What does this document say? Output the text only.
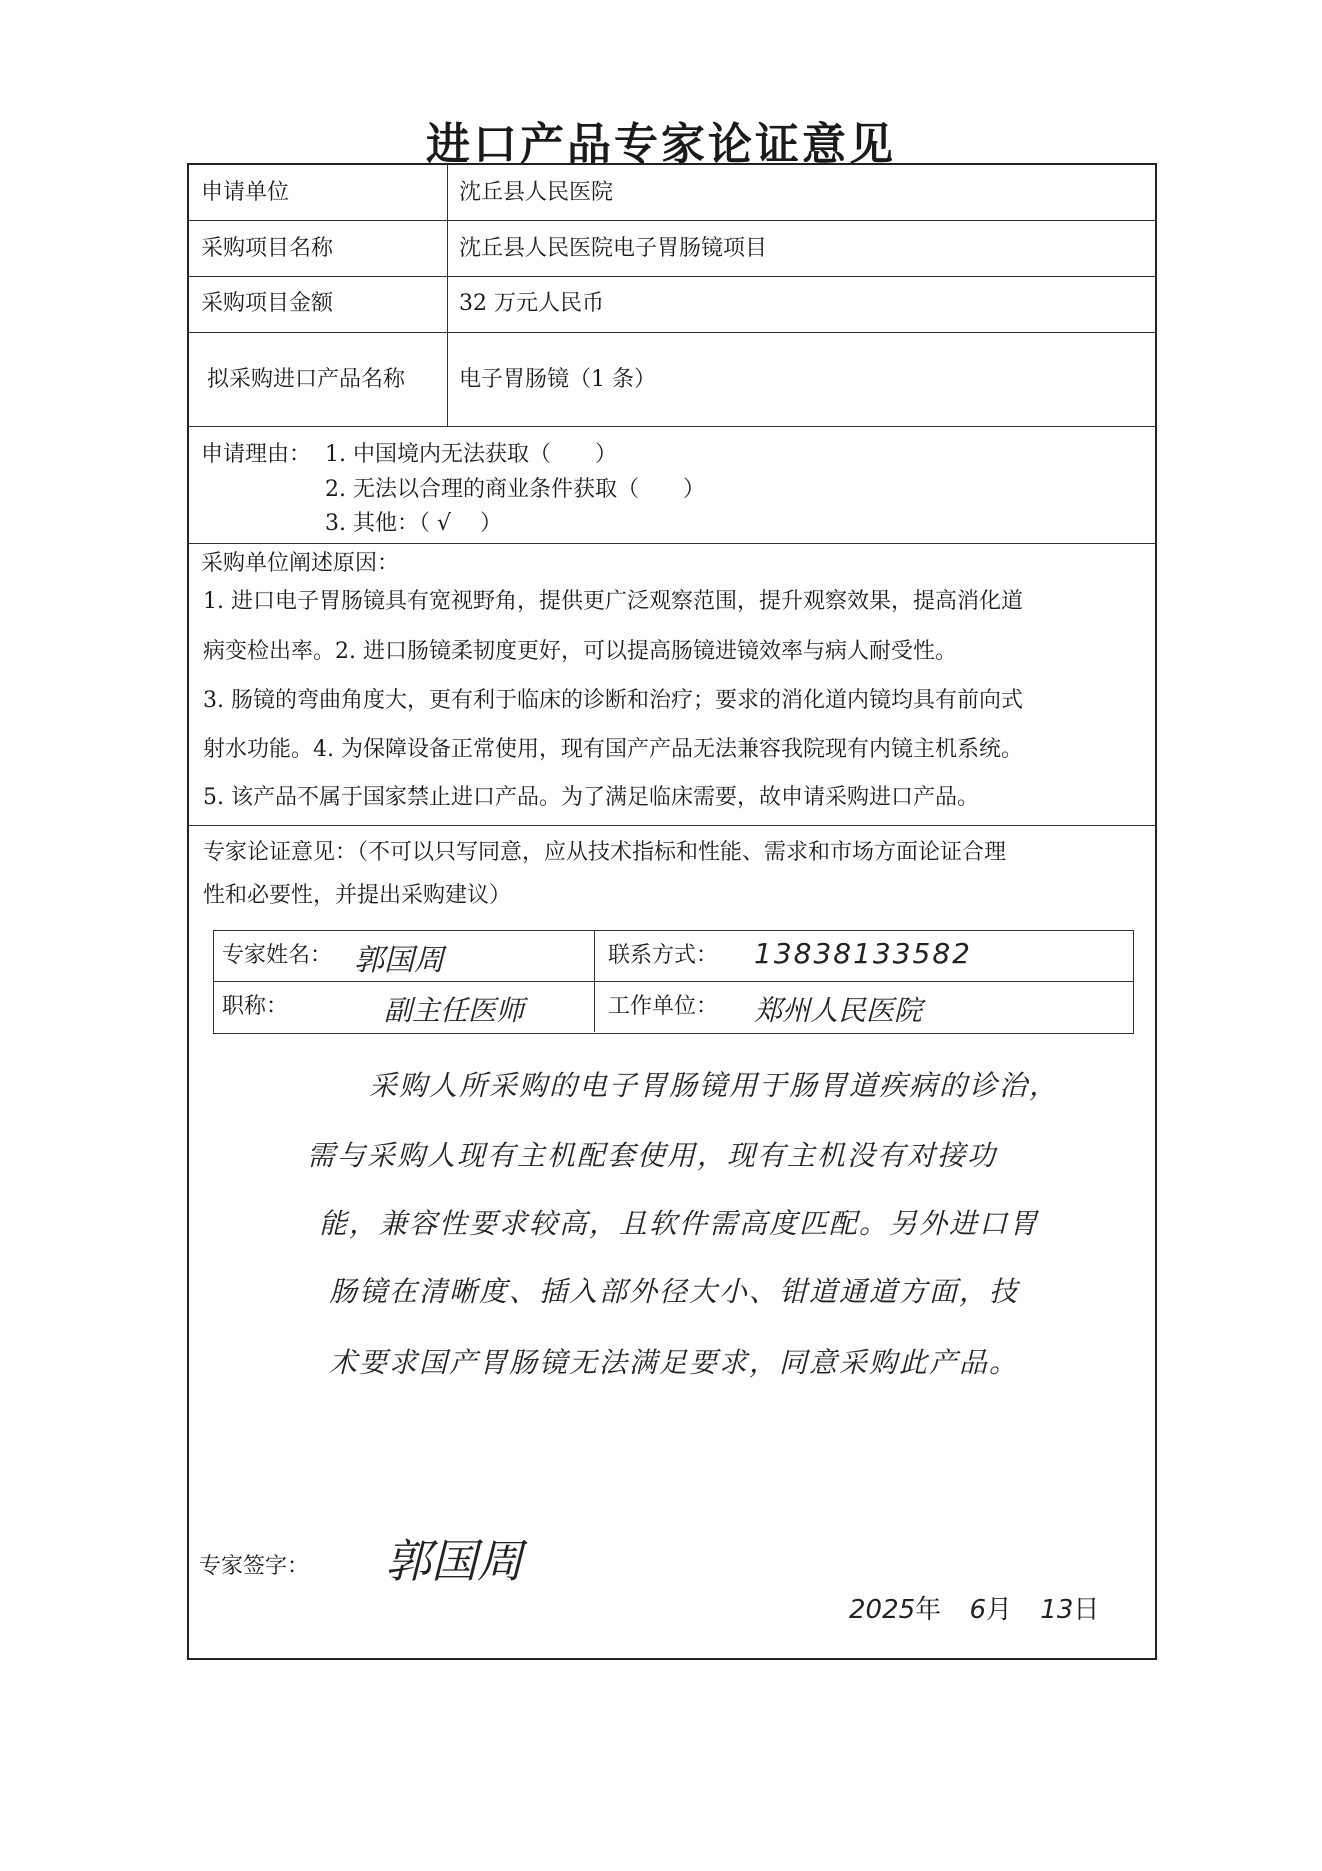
进口产品专家论证意见
申请单位	沈丘县人民医院
采购项目名称	沈丘县人民医院电子胃肠镜项目
采购项目金额	32 万元人民币
拟采购进口产品名称 电子胃肠镜（1 条）
申请理由： 1. 中国境内无法获取（　　）
2. 无法以合理的商业条件获取（　　）
3. 其他：（ √　 ）
采购单位阐述原因：
1. 进口电子胃肠镜具有宽视野角，提供更广泛观察范围，提升观察效果，提高消化道
病变检出率。2. 进口肠镜柔韧度更好，可以提高肠镜进镜效率与病人耐受性。
3. 肠镜的弯曲角度大，更有利于临床的诊断和治疗；要求的消化道内镜均具有前向式
射水功能。4. 为保障设备正常使用，现有国产产品无法兼容我院现有内镜主机系统。
5. 该产品不属于国家禁止进口产品。为了满足临床需要，故申请采购进口产品。
专家论证意见：（不可以只写同意，应从技术指标和性能、需求和市场方面论证合理
性和必要性，并提出采购建议）
专家姓名： 郭国周	联系方式： 13838133582
职称：	副主任医师	工作单位： 郑州人民医院
采购人所采购的电子胃肠镜用于肠胃道疾病的诊治，
需与采购人现有主机配套使用，现有主机没有对接功
能，兼容性要求较高，且软件需高度匹配。另外进口胃
肠镜在清晰度、插入部外径大小、钳道通道方面，技
术要求国产胃肠镜无法满足要求，同意采购此产品。
专家签字： 郭国周
2025年 6月 13日
